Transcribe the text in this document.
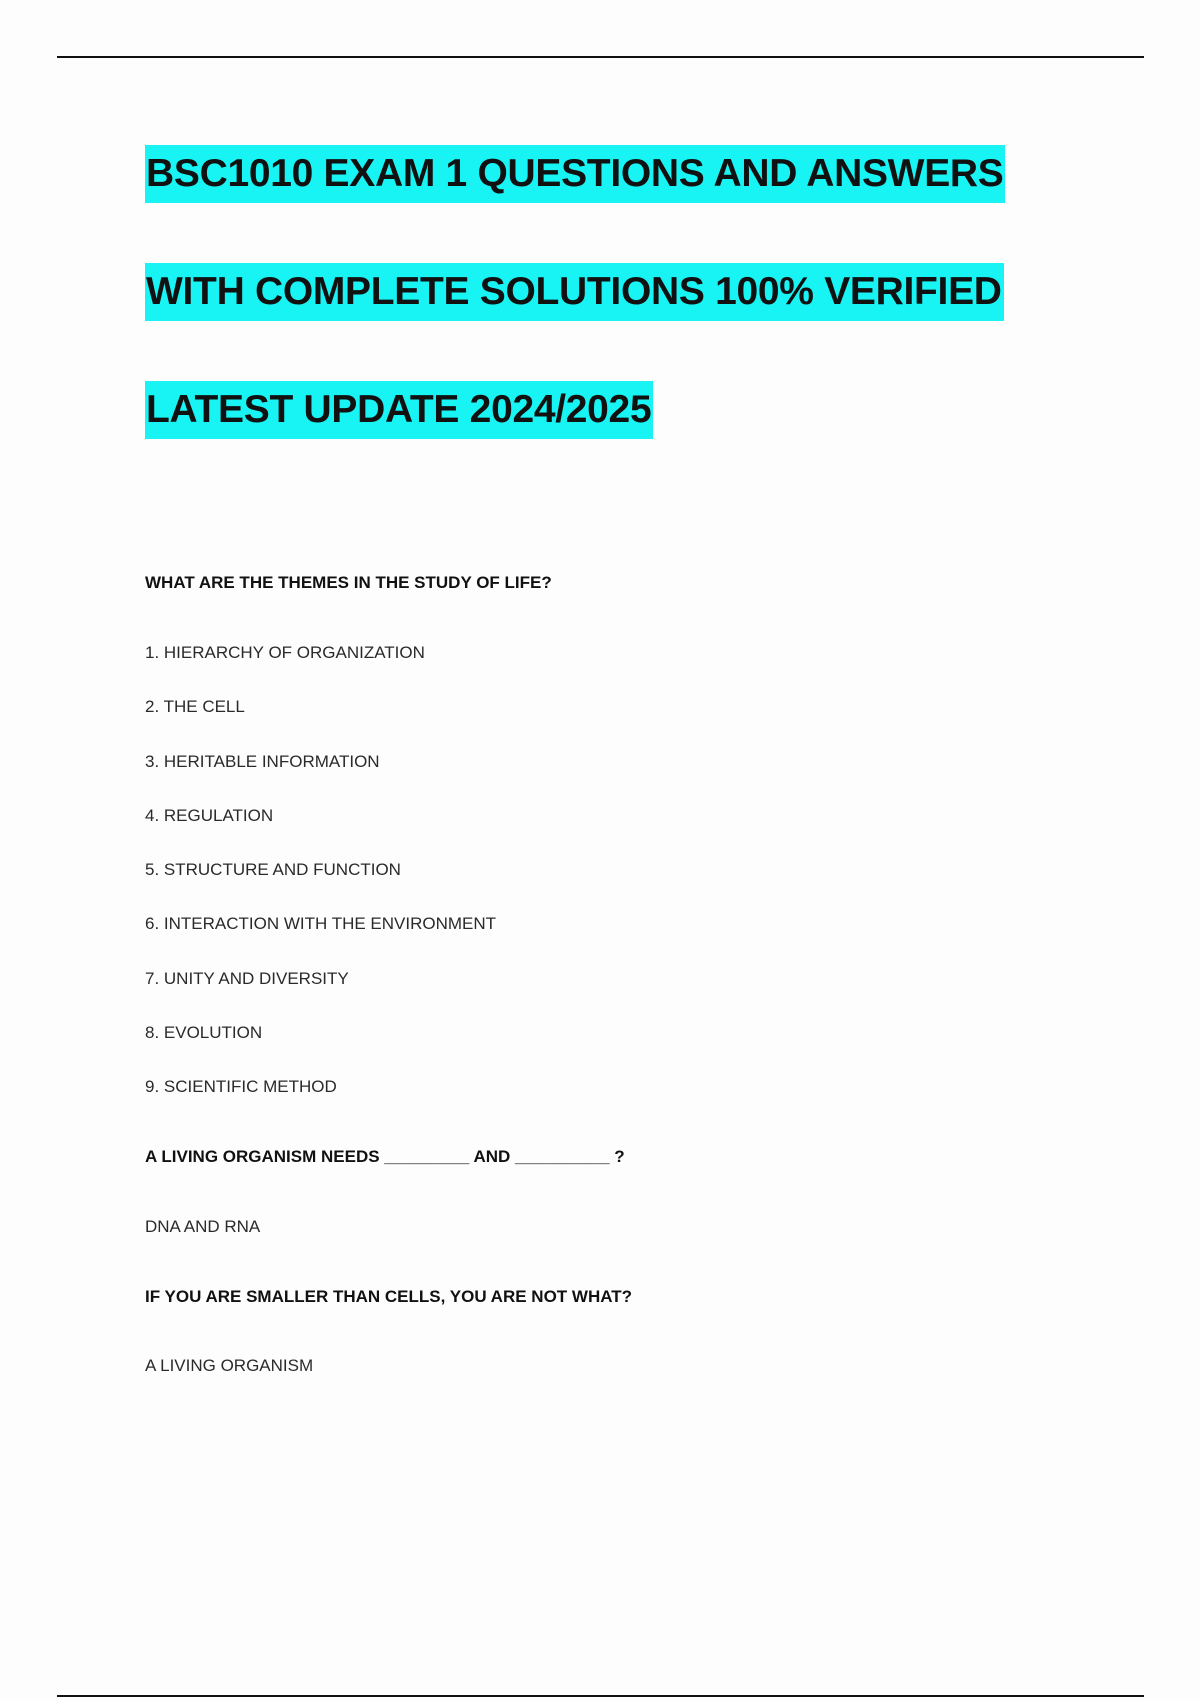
BSC1010 EXAM 1 QUESTIONS AND ANSWERS
WITH COMPLETE SOLUTIONS 100% VERIFIED
LATEST UPDATE 2024/2025

WHAT ARE THE THEMES IN THE STUDY OF LIFE?

1. HIERARCHY OF ORGANIZATION
2. THE CELL
3. HERITABLE INFORMATION
4. REGULATION
5. STRUCTURE AND FUNCTION
6. INTERACTION WITH THE ENVIRONMENT
7. UNITY AND DIVERSITY
8. EVOLUTION
9. SCIENTIFIC METHOD

A LIVING ORGANISM NEEDS _________ AND __________ ?

DNA AND RNA

IF YOU ARE SMALLER THAN CELLS, YOU ARE NOT WHAT?

A LIVING ORGANISM
